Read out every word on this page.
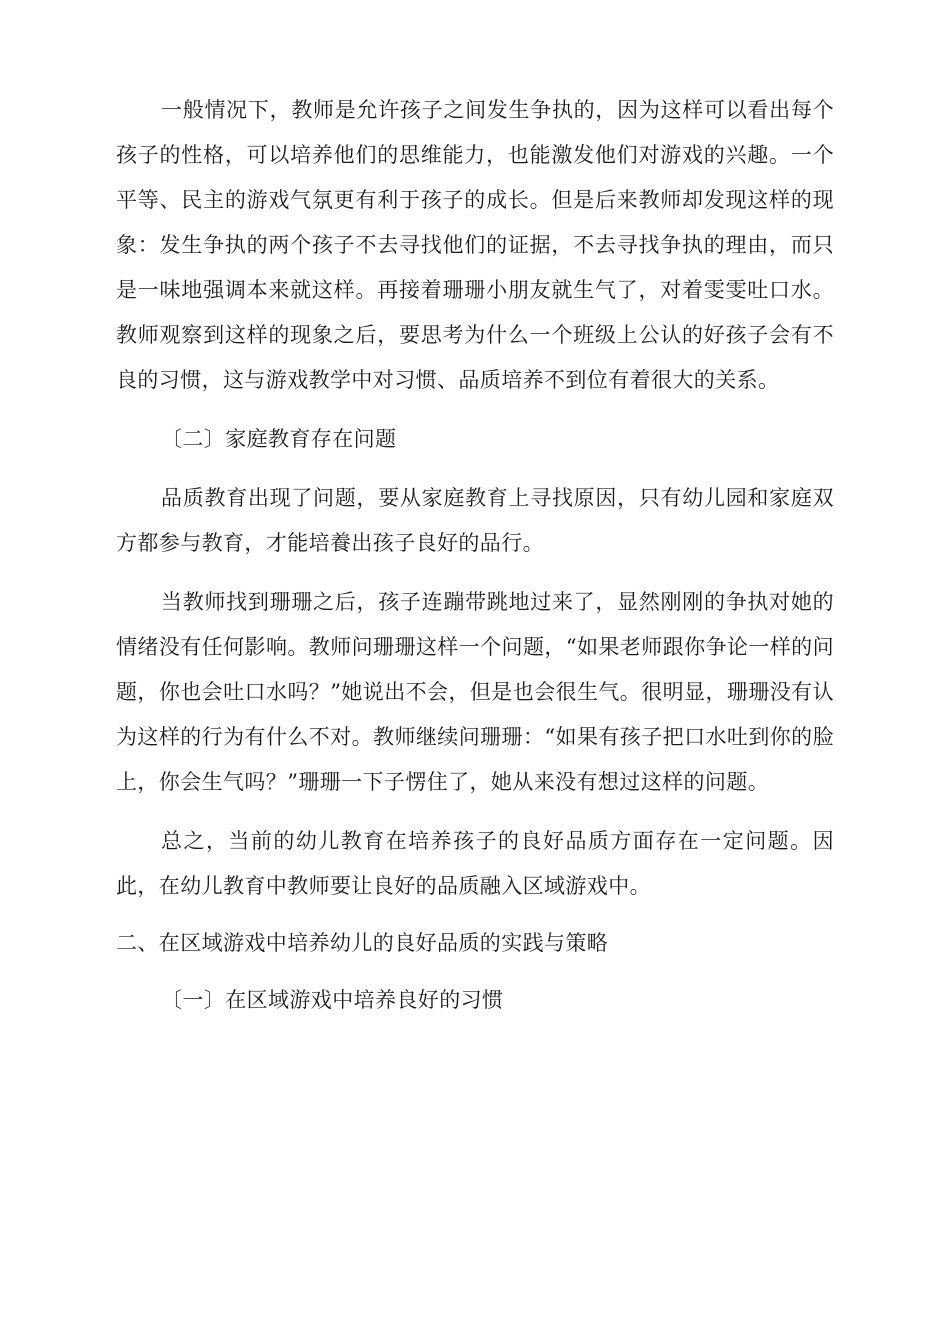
一般情况下，教师是允许孩子之间发生争执的，因为这样可以看出每个孩子的性格，可以培养他们的思维能力，也能激发他们对游戏的兴趣。一个平等、民主的游戏气氛更有利于孩子的成长。但是后来教师却发现这样的现象：发生争执的两个孩子不去寻找他们的证据，不去寻找争执的理由，而只是一味地强调本来就这样。再接着珊珊小朋友就生气了，对着雯雯吐口水。教师观察到这样的现象之后，要思考为什么一个班级上公认的好孩子会有不良的习惯，这与游戏教学中对习惯、品质培养不到位有着很大的关系。

〔二〕家庭教育存在问题

品质教育出现了问题，要从家庭教育上寻找原因，只有幼儿园和家庭双方都参与教育，才能培養出孩子良好的品行。

当教师找到珊珊之后，孩子连蹦带跳地过来了，显然刚刚的争执对她的情绪没有任何影响。教师问珊珊这样一个问题，“如果老师跟你争论一样的问题，你也会吐口水吗？”她说出不会，但是也会很生气。很明显，珊珊没有认为这样的行为有什么不对。教师继续问珊珊：“如果有孩子把口水吐到你的脸上，你会生气吗？”珊珊一下子愣住了，她从来没有想过这样的问题。

总之，当前的幼儿教育在培养孩子的良好品质方面存在一定问题。因此，在幼儿教育中教师要让良好的品质融入区域游戏中。

二、在区域游戏中培养幼儿的良好品质的实践与策略

〔一〕在区域游戏中培养良好的习惯
